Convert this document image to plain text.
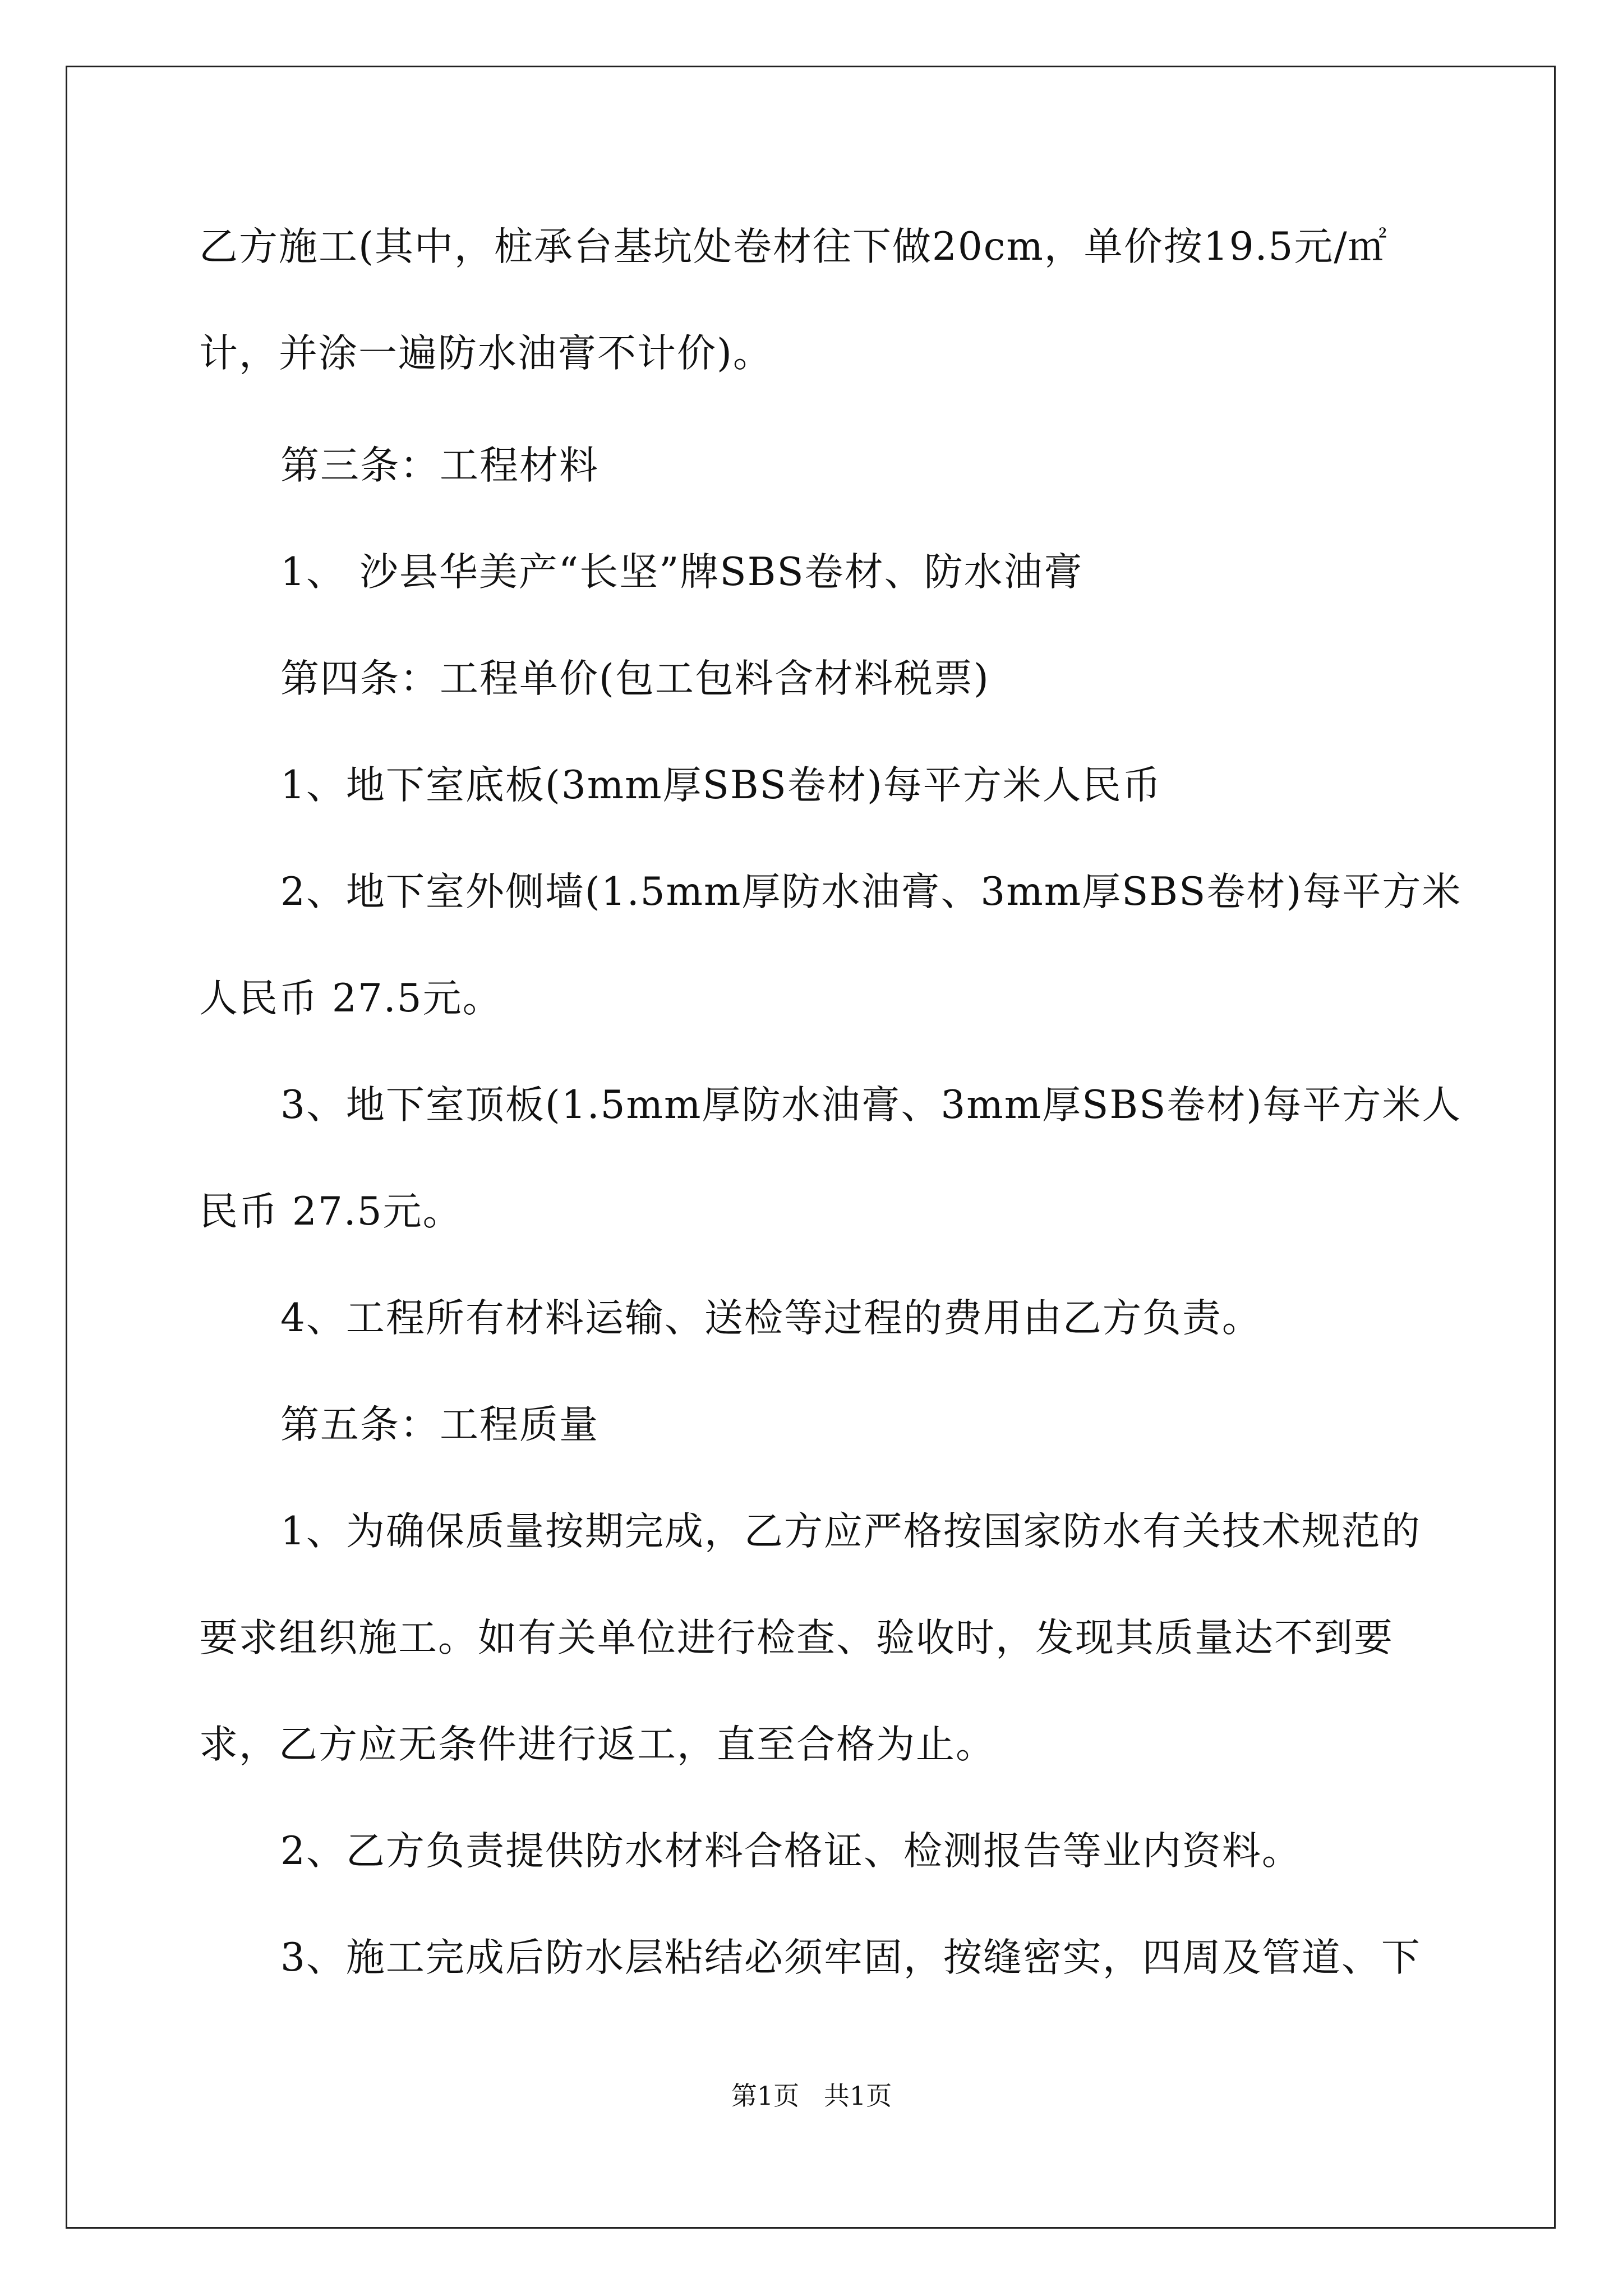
乙方施工(其中，桩承台基坑处卷材往下做20cm，单价按19.5元/㎡
计，并涂一遍防水油膏不计价)。
第三条：工程材料
1、 沙县华美产“长坚”牌SBS卷材、防水油膏
第四条：工程单价(包工包料含材料税票)
1、地下室底板(3mm厚SBS卷材)每平方米人民币
2、地下室外侧墙(1.5mm厚防水油膏、3mm厚SBS卷材)每平方米
人民币 27.5元。
3、地下室顶板(1.5mm厚防水油膏、3mm厚SBS卷材)每平方米人
民币 27.5元。
4、工程所有材料运输、送检等过程的费用由乙方负责。
第五条：工程质量
1、为确保质量按期完成，乙方应严格按国家防水有关技术规范的
要求组织施工。如有关单位进行检查、验收时，发现其质量达不到要
求，乙方应无条件进行返工，直至合格为止。
2、乙方负责提供防水材料合格证、检测报告等业内资料。
3、施工完成后防水层粘结必须牢固，按缝密实，四周及管道、下
第1页   共1页
